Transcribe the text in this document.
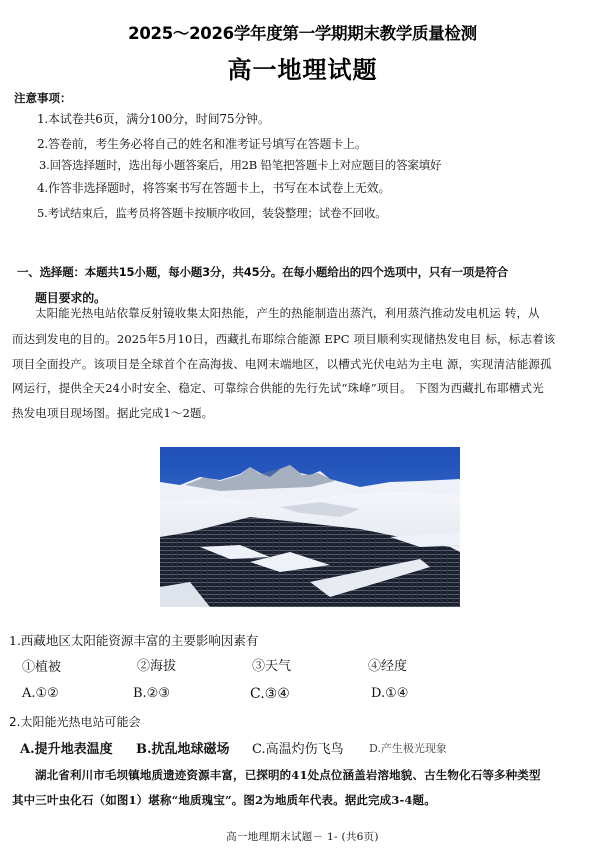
2025～2026学年度第一学期期末教学质量检测
高一地理试题
注意事项：
1.本试卷共6页，满分100分，时间75分钟。
2.答卷前，考生务必将自己的姓名和准考证号填写在答题卡上。
3.回答选择题时，选出每小题答案后，用2B 铅笔把答题卡上对应题目的答案填好
4.作答非选择题时，将答案书写在答题卡上，书写在本试卷上无效。
5.考试结束后，监考员将答题卡按顺序收回，装袋整理；试卷不回收。
一、选择题：本题共15小题，每小题3分，共45分。在每小题给出的四个选项中，只有一项是符合
题目要求的。
太阳能光热电站依靠反射镜收集太阳热能，产生的热能制造出蒸汽，利用蒸汽推动发电机运 转，从
而达到发电的目的。2025年5月10日，西藏扎布耶综合能源 EPC 项目顺利实现储热发电目 标，标志着该
项目全面投产。该项目是全球首个在高海拔、电网末端地区，以槽式光伏电站为主电 源，实现清洁能源孤
网运行，提供全天24小时安全、稳定、可靠综合供能的先行先试“珠峰”项目。 下图为西藏扎布耶槽式光
热发电项目现场图。据此完成1～2题。
1.西藏地区太阳能资源丰富的主要影响因素有
①植被	②海拔	③天气	④经度
A.①②	B.②③	C.③④	D.①④
2.太阳能光热电站可能会
A.提升地表温度 B.扰乱地球磁场 C.高温灼伤飞鸟 D.产生极光现象
湖北省利川市毛坝镇地质遗迹资源丰富，已探明的41处点位涵盖岩溶地貌、古生物化石等多种类型
其中三叶虫化石（如图1）堪称“地质瑰宝”。图2为地质年代表。据此完成3-4题。
高一地理期末试题－ 1- (共6页)
